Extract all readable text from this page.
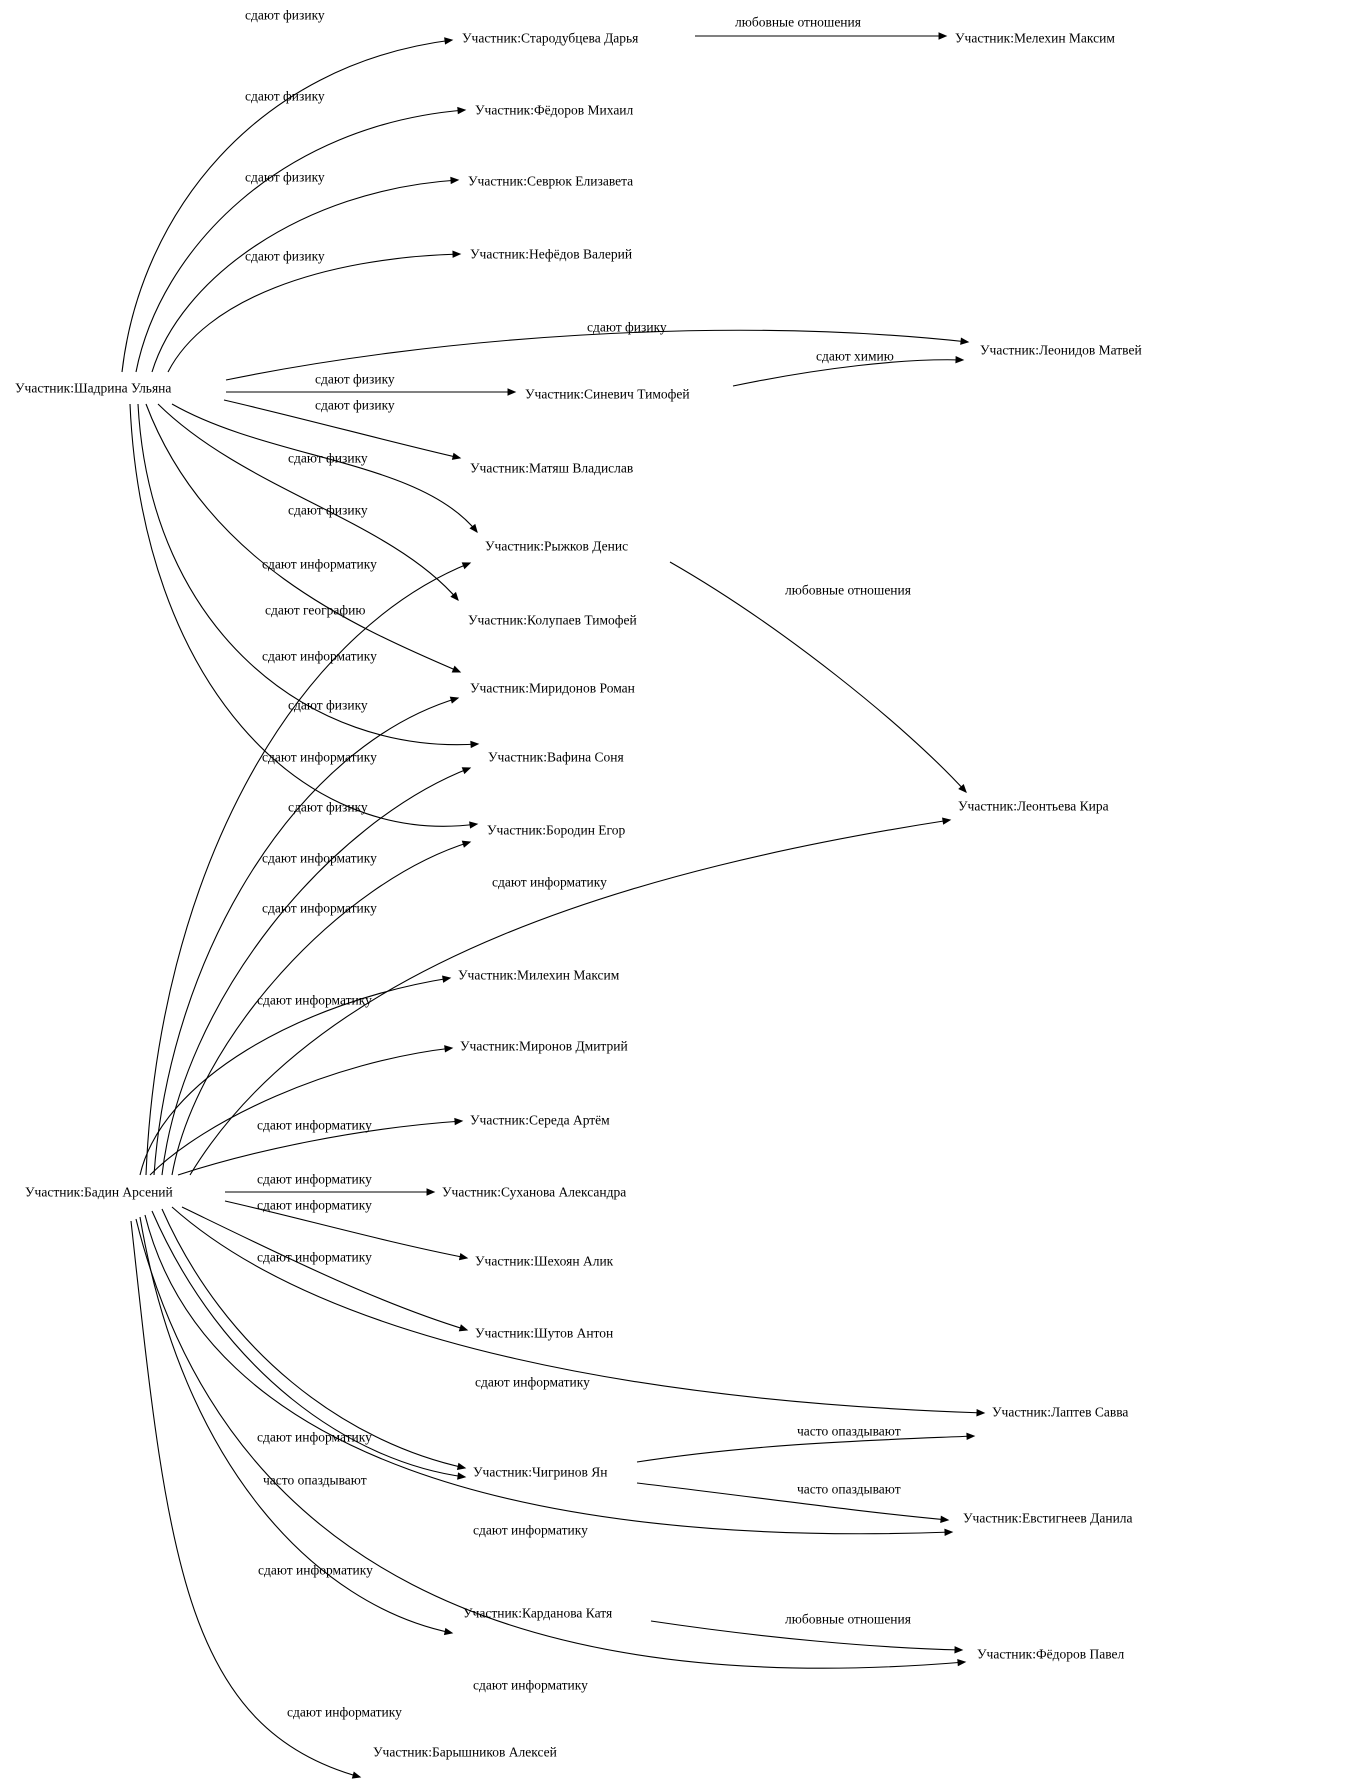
сдают физику
сдают физику
сдают физику
сдают физику
сдают физику
сдают химию
сдают физику
сдают физику
сдают физику
сдают физику
сдают информатику
сдают географию
сдают информатику
сдают физику
сдают информатику
сдают физику
сдают информатику
сдают информатику
сдают информатику
сдают информатику
любовные отношения
любовные отношения
сдают информатику
сдают информатику
сдают информатику
сдают информатику
сдают информатику
сдают информатику
часто опаздывают
часто опаздывают
часто опаздывают
сдают информатику
сдают информатику
любовные отношения
сдают информатику
сдают информатику
Участник:Шадрина Ульяна
Участник:Бадин Арсений
Участник:Стародубцева Дарья	Участник:Мелехин Максим
Участник:Фёдоров Михаил
Участник:Севрюк Елизавета
Участник:Нефёдов Валерий
Участник:Леонидов Матвей
Участник:Синевич Тимофей
Участник:Матяш Владислав
Участник:Рыжков Денис
Участник:Колупаев Тимофей
Участник:Миридонов Роман
Участник:Вафина Соня
Участник:Леонтьева Кира
Участник:Бородин Егор
Участник:Милехин Максим
Участник:Миронов Дмитрий
Участник:Середа Артём
Участник:Суханова Александра
Участник:Шехоян Алик
Участник:Шутов Антон
Участник:Лаптев Савва
Участник:Чигринов Ян
Участник:Евстигнеев Данила
Участник:Карданова Катя
Участник:Фёдоров Павел
Участник:Барышников Алексей
